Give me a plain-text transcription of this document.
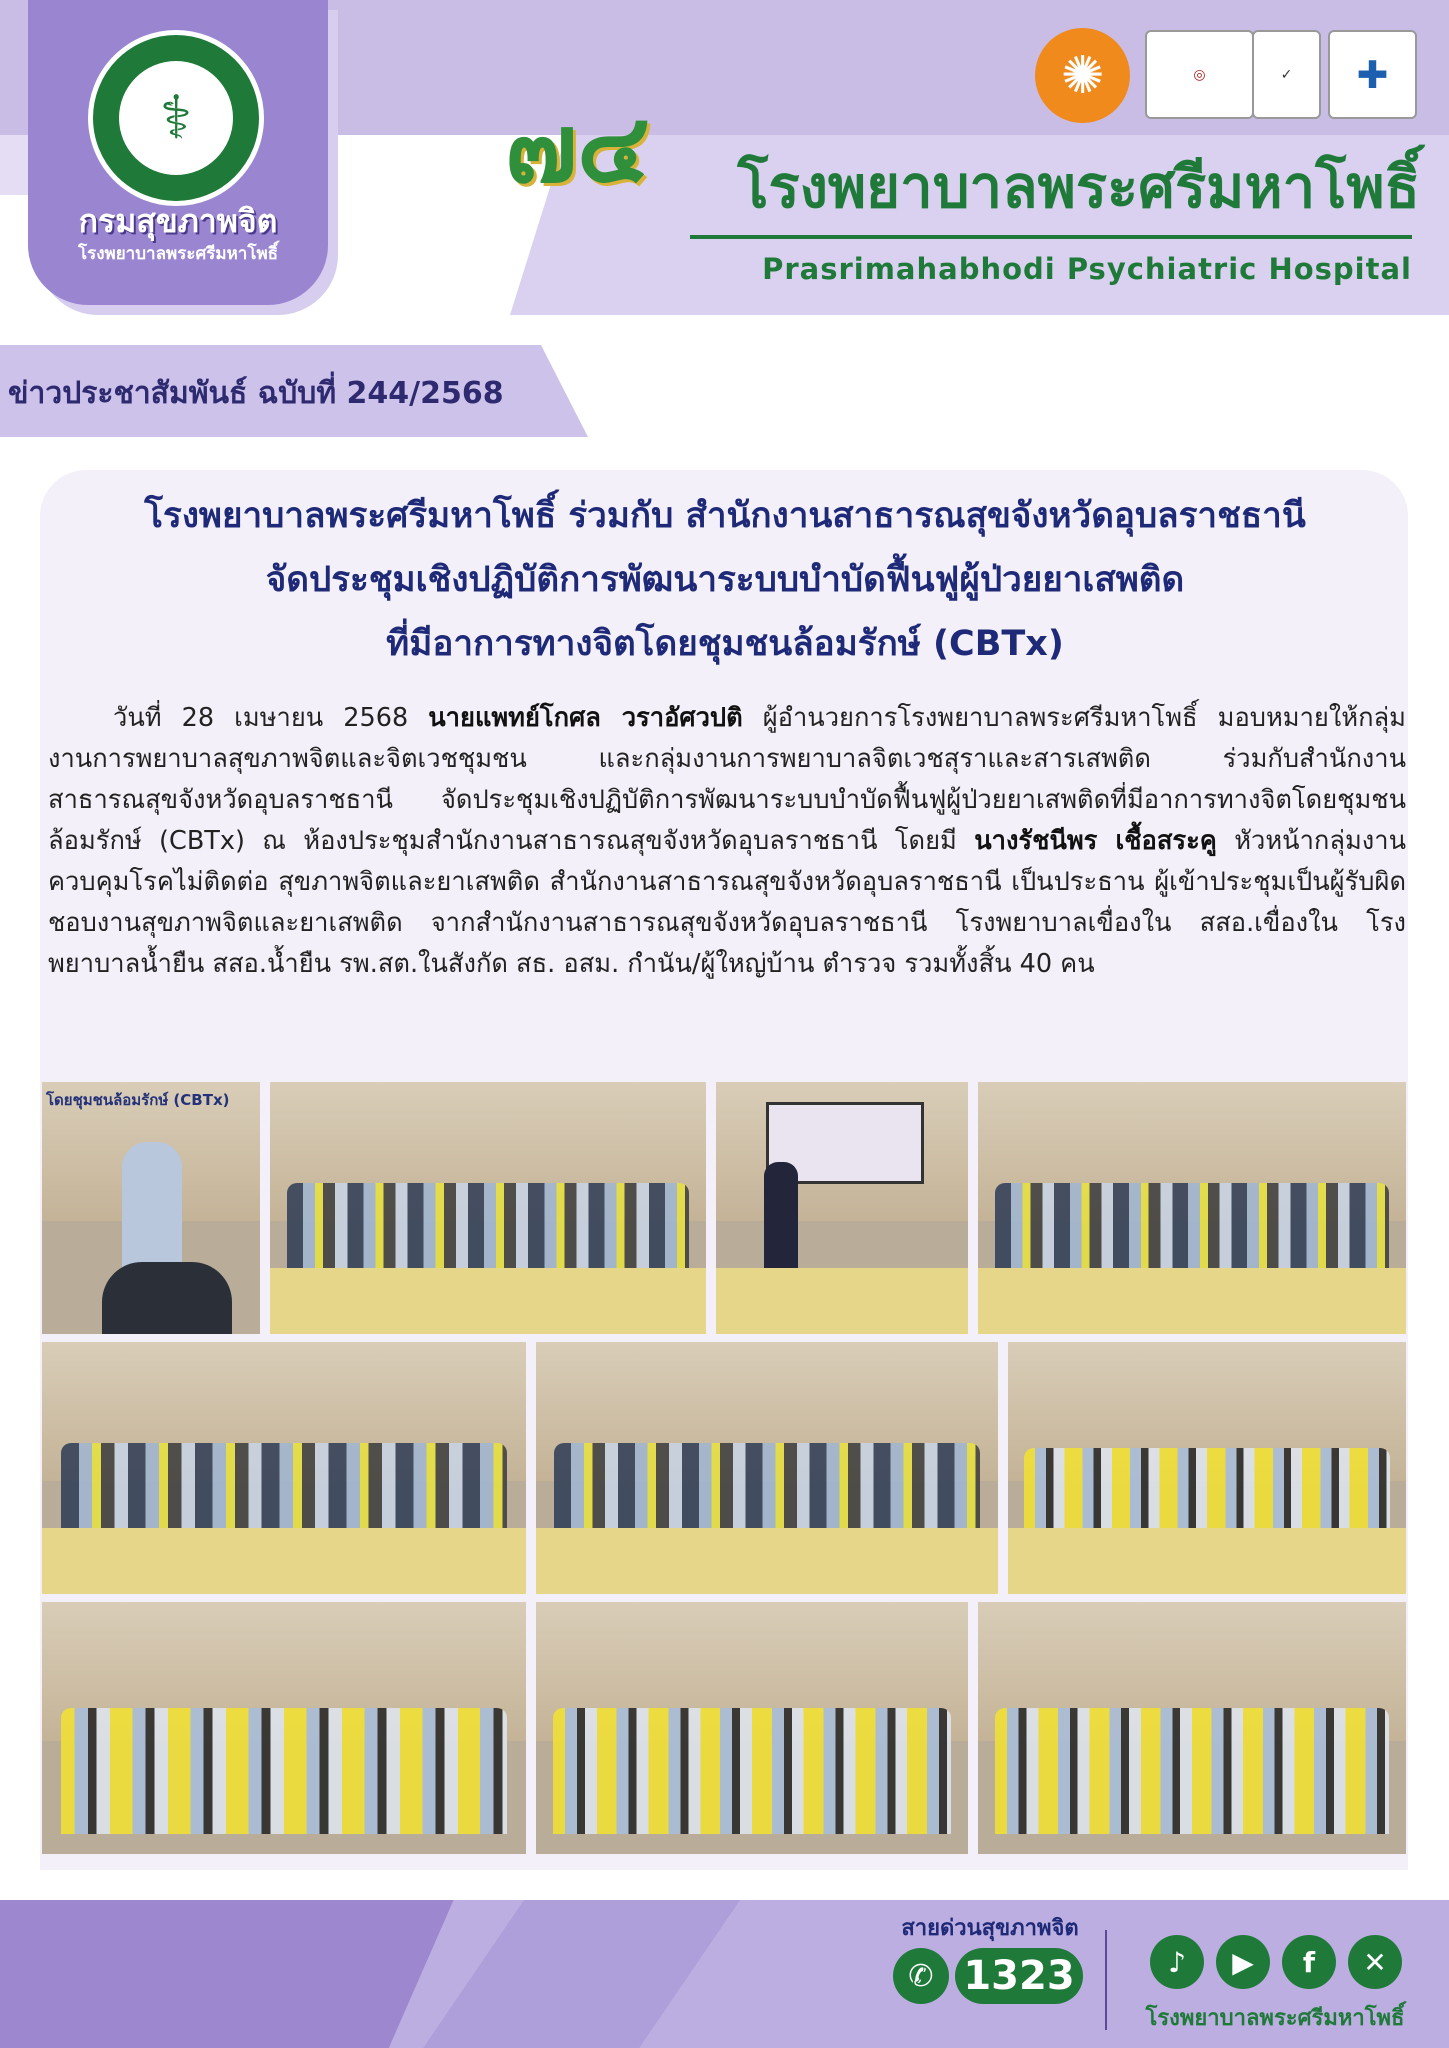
⚕
กรมสุขภาพจิต
โรงพยาบาลพระศรีมหาโพธิ์
๗๔	โรงพยาบาลพระศรีมหาโพธิ์
Prasrimahabhodi Psychiatric Hospital
✺	◎	✓	✚
ข่าวประชาสัมพันธ์ ฉบับที่ 244/2568
โรงพยาบาลพระศรีมหาโพธิ์ ร่วมกับ สำนักงานสาธารณสุขจังหวัดอุบลราชธานี
จัดประชุมเชิงปฏิบัติการพัฒนาระบบบำบัดฟื้นฟูผู้ป่วยยาเสพติด
ที่มีอาการทางจิตโดยชุมชนล้อมรักษ์ (CBTx)
วันที่ 28 เมษายน 2568 นายแพทย์โกศล วราอัศวปติ ผู้อำนวยการโรงพยาบาลพระศรีมหาโพธิ์ มอบหมายให้กลุ่มงานการพยาบาลสุขภาพจิตและจิตเวชชุมชน และกลุ่มงานการพยาบาลจิตเวชสุราและสารเสพติด ร่วมกับสำนักงานสาธารณสุขจังหวัดอุบลราชธานี จัดประชุมเชิงปฏิบัติการพัฒนาระบบบำบัดฟื้นฟูผู้ป่วยยาเสพติดที่มีอาการทางจิตโดยชุมชนล้อมรักษ์ (CBTx) ณ ห้องประชุมสำนักงานสาธารณสุขจังหวัดอุบลราชธานี โดยมี นางรัชนีพร เชื้อสระคู หัวหน้ากลุ่มงานควบคุมโรคไม่ติดต่อ สุขภาพจิตและยาเสพติด สำนักงานสาธารณสุขจังหวัดอุบลราชธานี เป็นประธาน ผู้เข้าประชุมเป็นผู้รับผิดชอบงานสุขภาพจิตและยาเสพติด จากสำนักงานสาธารณสุขจังหวัดอุบลราชธานี โรงพยาบาลเขื่องใน สสอ.เขื่องใน โรงพยาบาลน้ำยืน สสอ.น้ำยืน รพ.สต.ในสังกัด สธ. อสม. กำนัน/ผู้ใหญ่บ้าน ตำรวจ รวมทั้งสิ้น 40 คน
โดยชุมชนล้อมรักษ์ (CBTx)
สายด่วนสุขภาพจิต
✆ 1323	♪	▶	f	✕
โรงพยาบาลพระศรีมหาโพธิ์
